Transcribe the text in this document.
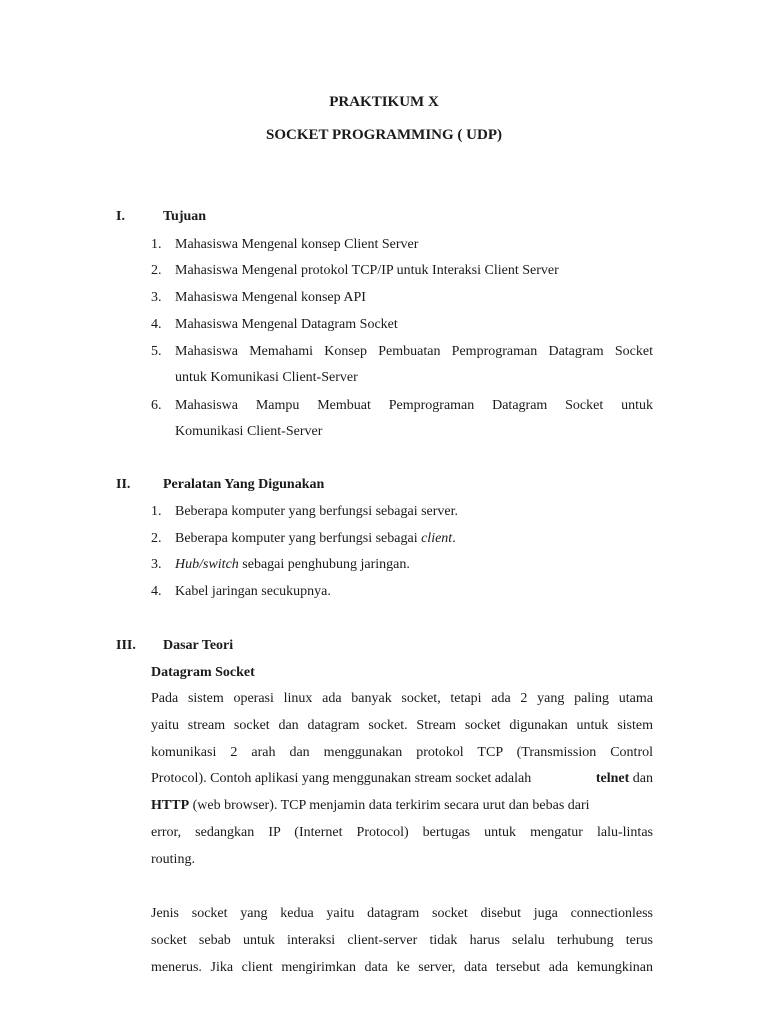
PRAKTIKUM X
SOCKET PROGRAMMING ( UDP)
I.	Tujuan
1. Mahasiswa Mengenal konsep Client Server
2. Mahasiswa Mengenal protokol TCP/IP untuk Interaksi Client Server
3. Mahasiswa Mengenal konsep API
4. Mahasiswa Mengenal Datagram Socket
5. Mahasiswa Memahami Konsep Pembuatan Pemprograman Datagram Socket
untuk Komunikasi Client-Server
6. Mahasiswa Mampu Membuat Pemprograman Datagram Socket untuk
Komunikasi Client-Server
II. Peralatan Yang Digunakan
1. Beberapa komputer yang berfungsi sebagai server.
2. Beberapa komputer yang berfungsi sebagai client.
3. Hub/switch sebagai penghubung jaringan.
4. Kabel jaringan secukupnya.
III. Dasar Teori
Datagram Socket
Pada sistem operasi linux ada banyak socket, tetapi ada 2 yang paling utama
yaitu stream socket dan datagram socket. Stream socket digunakan untuk sistem
komunikasi 2 arah dan menggunakan protokol TCP (Transmission Control
Protocol). Contoh aplikasi yang menggunakan stream socket adalah	telnet dan
HTTP (web browser). TCP menjamin data terkirim secara urut dan bebas dari
error, sedangkan IP (Internet Protocol) bertugas untuk mengatur lalu-lintas
routing.
Jenis socket yang kedua yaitu datagram socket disebut juga connectionless
socket sebab untuk interaksi client-server tidak harus selalu terhubung terus
menerus. Jika client mengirimkan data ke server, data tersebut ada kemungkinan
